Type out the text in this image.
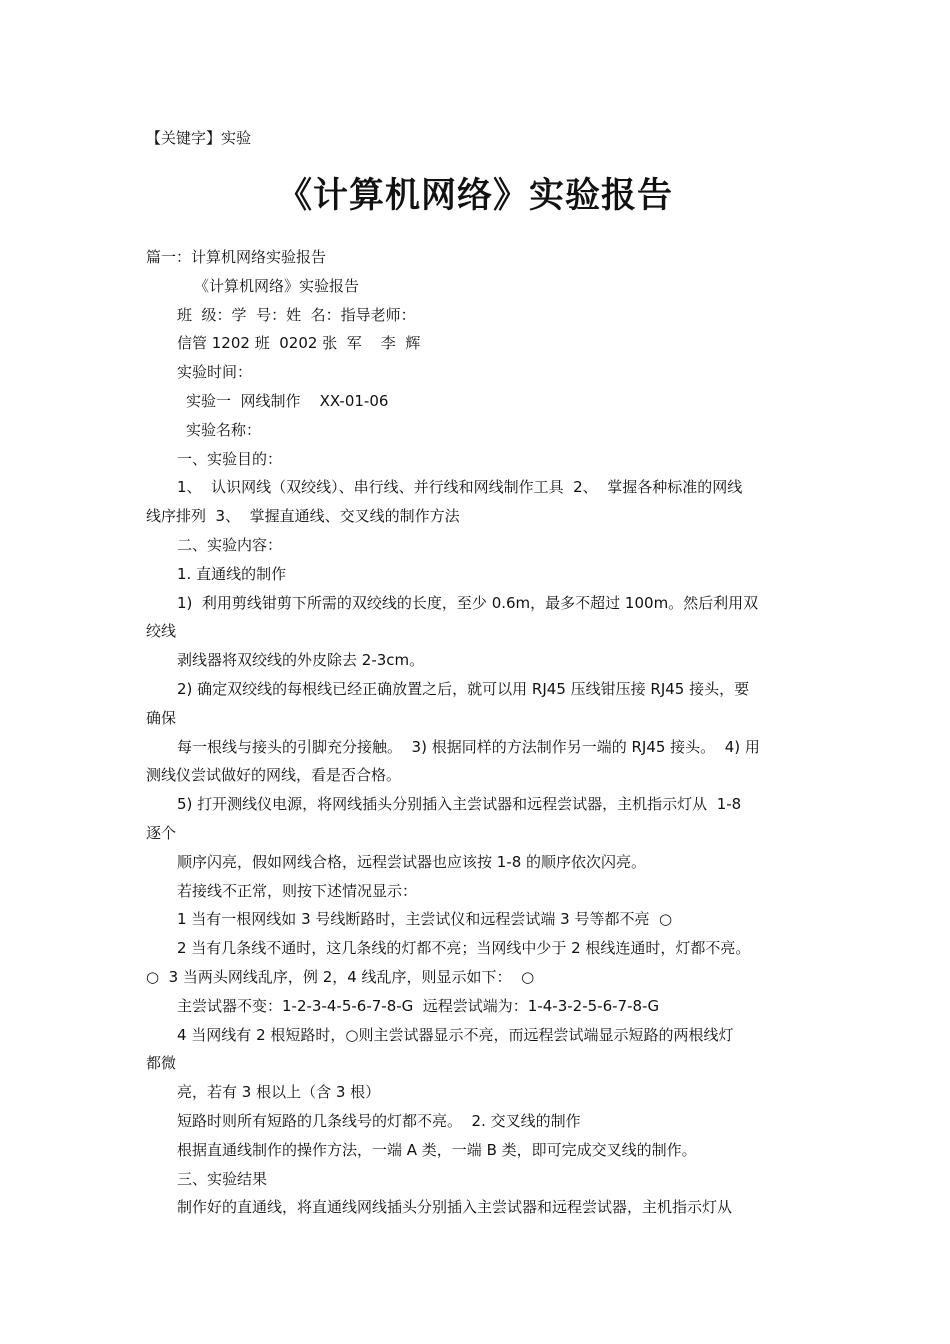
【关键字】实验
《计算机网络》实验报告

篇一：计算机网络实验报告

《计算机网络》实验报告

班  级：学  号：姓  名：指导老师：

信管 1202 班  0202 张  军    李  辉

实验时间：

实验一  网线制作    XX-01-06

实验名称：

一、实验目的：

1、  认识网线（双绞线）、串行线、并行线和网线制作工具  2、  掌握各种标准的网线

线序排列  3、  掌握直通线、交叉线的制作方法

二、实验内容：

1. 直通线的制作

1)  利用剪线钳剪下所需的双绞线的长度，至少 0.6m，最多不超过 100m。然后利用双

绞线

剥线器将双绞线的外皮除去 2-3cm。

2) 确定双绞线的每根线已经正确放置之后，就可以用 RJ45 压线钳压接 RJ45 接头，要

确保

每一根线与接头的引脚充分接触。  3) 根据同样的方法制作另一端的 RJ45 接头。  4) 用

测线仪尝试做好的网线，看是否合格。

5) 打开测线仪电源，将网线插头分别插入主尝试器和远程尝试器，主机指示灯从  1-8

逐个

顺序闪亮，假如网线合格，远程尝试器也应该按 1-8 的顺序依次闪亮。

若接线不正常，则按下述情况显示：

1 当有一根网线如 3 号线断路时，主尝试仪和远程尝试端 3 号等都不亮  ○

2 当有几条线不通时，这几条线的灯都不亮；当网线中少于 2 根线连通时，灯都不亮。

○  3 当两头网线乱序，例 2，4 线乱序，则显示如下：  ○

主尝试器不变：1-2-3-4-5-6-7-8-G  远程尝试端为：1-4-3-2-5-6-7-8-G

4 当网线有 2 根短路时，○则主尝试器显示不亮，而远程尝试端显示短路的两根线灯

都微

亮，若有 3 根以上（含 3 根）

短路时则所有短路的几条线号的灯都不亮。  2. 交叉线的制作

根据直通线制作的操作方法，一端 A 类，一端 B 类，即可完成交叉线的制作。

三、实验结果

制作好的直通线，将直通线网线插头分别插入主尝试器和远程尝试器，主机指示灯从
